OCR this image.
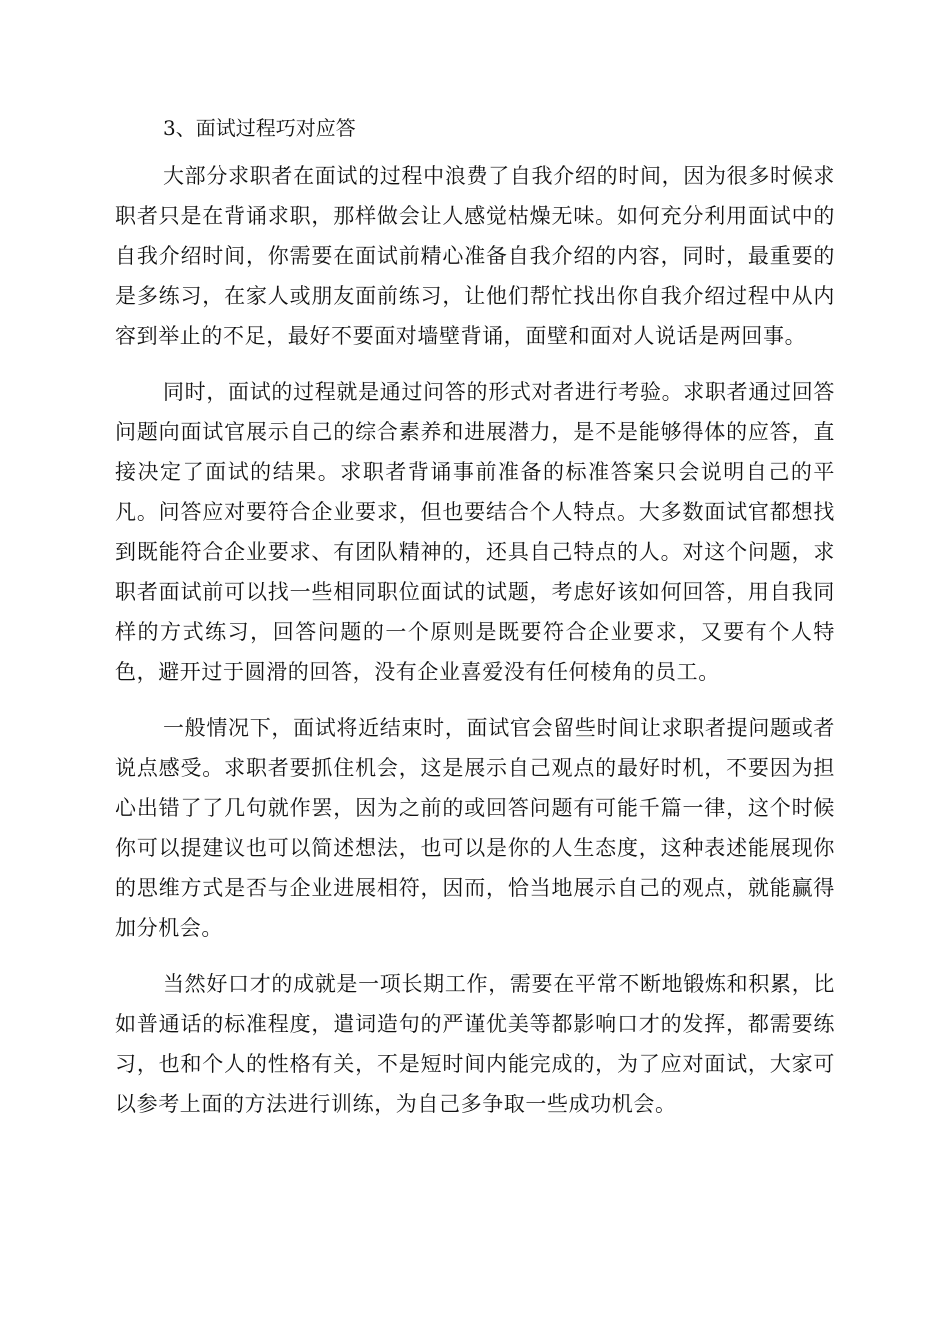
3、面试过程巧对应答

大部分求职者在面试的过程中浪费了自我介绍的时间，因为很多时候求职者只是在背诵求职，那样做会让人感觉枯燥无味。如何充分利用面试中的自我介绍时间，你需要在面试前精心准备自我介绍的内容，同时，最重要的是多练习，在家人或朋友面前练习，让他们帮忙找出你自我介绍过程中从内容到举止的不足，最好不要面对墙壁背诵，面壁和面对人说话是两回事。

同时，面试的过程就是通过问答的形式对者进行考验。求职者通过回答问题向面试官展示自己的综合素养和进展潜力，是不是能够得体的应答，直接决定了面试的结果。求职者背诵事前准备的标准答案只会说明自己的平凡。问答应对要符合企业要求，但也要结合个人特点。大多数面试官都想找到既能符合企业要求、有团队精神的，还具自己特点的人。对这个问题，求职者面试前可以找一些相同职位面试的试题，考虑好该如何回答，用自我同样的方式练习，回答问题的一个原则是既要符合企业要求，又要有个人特色，避开过于圆滑的回答，没有企业喜爱没有任何棱角的员工。

一般情况下，面试将近结束时，面试官会留些时间让求职者提问题或者说点感受。求职者要抓住机会，这是展示自己观点的最好时机，不要因为担心出错了了几句就作罢，因为之前的或回答问题有可能千篇一律，这个时候你可以提建议也可以简述想法，也可以是你的人生态度，这种表述能展现你的思维方式是否与企业进展相符，因而，恰当地展示自己的观点，就能赢得加分机会。

当然好口才的成就是一项长期工作，需要在平常不断地锻炼和积累，比如普通话的标准程度，遣词造句的严谨优美等都影响口才的发挥，都需要练习，也和个人的性格有关，不是短时间内能完成的，为了应对面试，大家可以参考上面的方法进行训练，为自己多争取一些成功机会。
